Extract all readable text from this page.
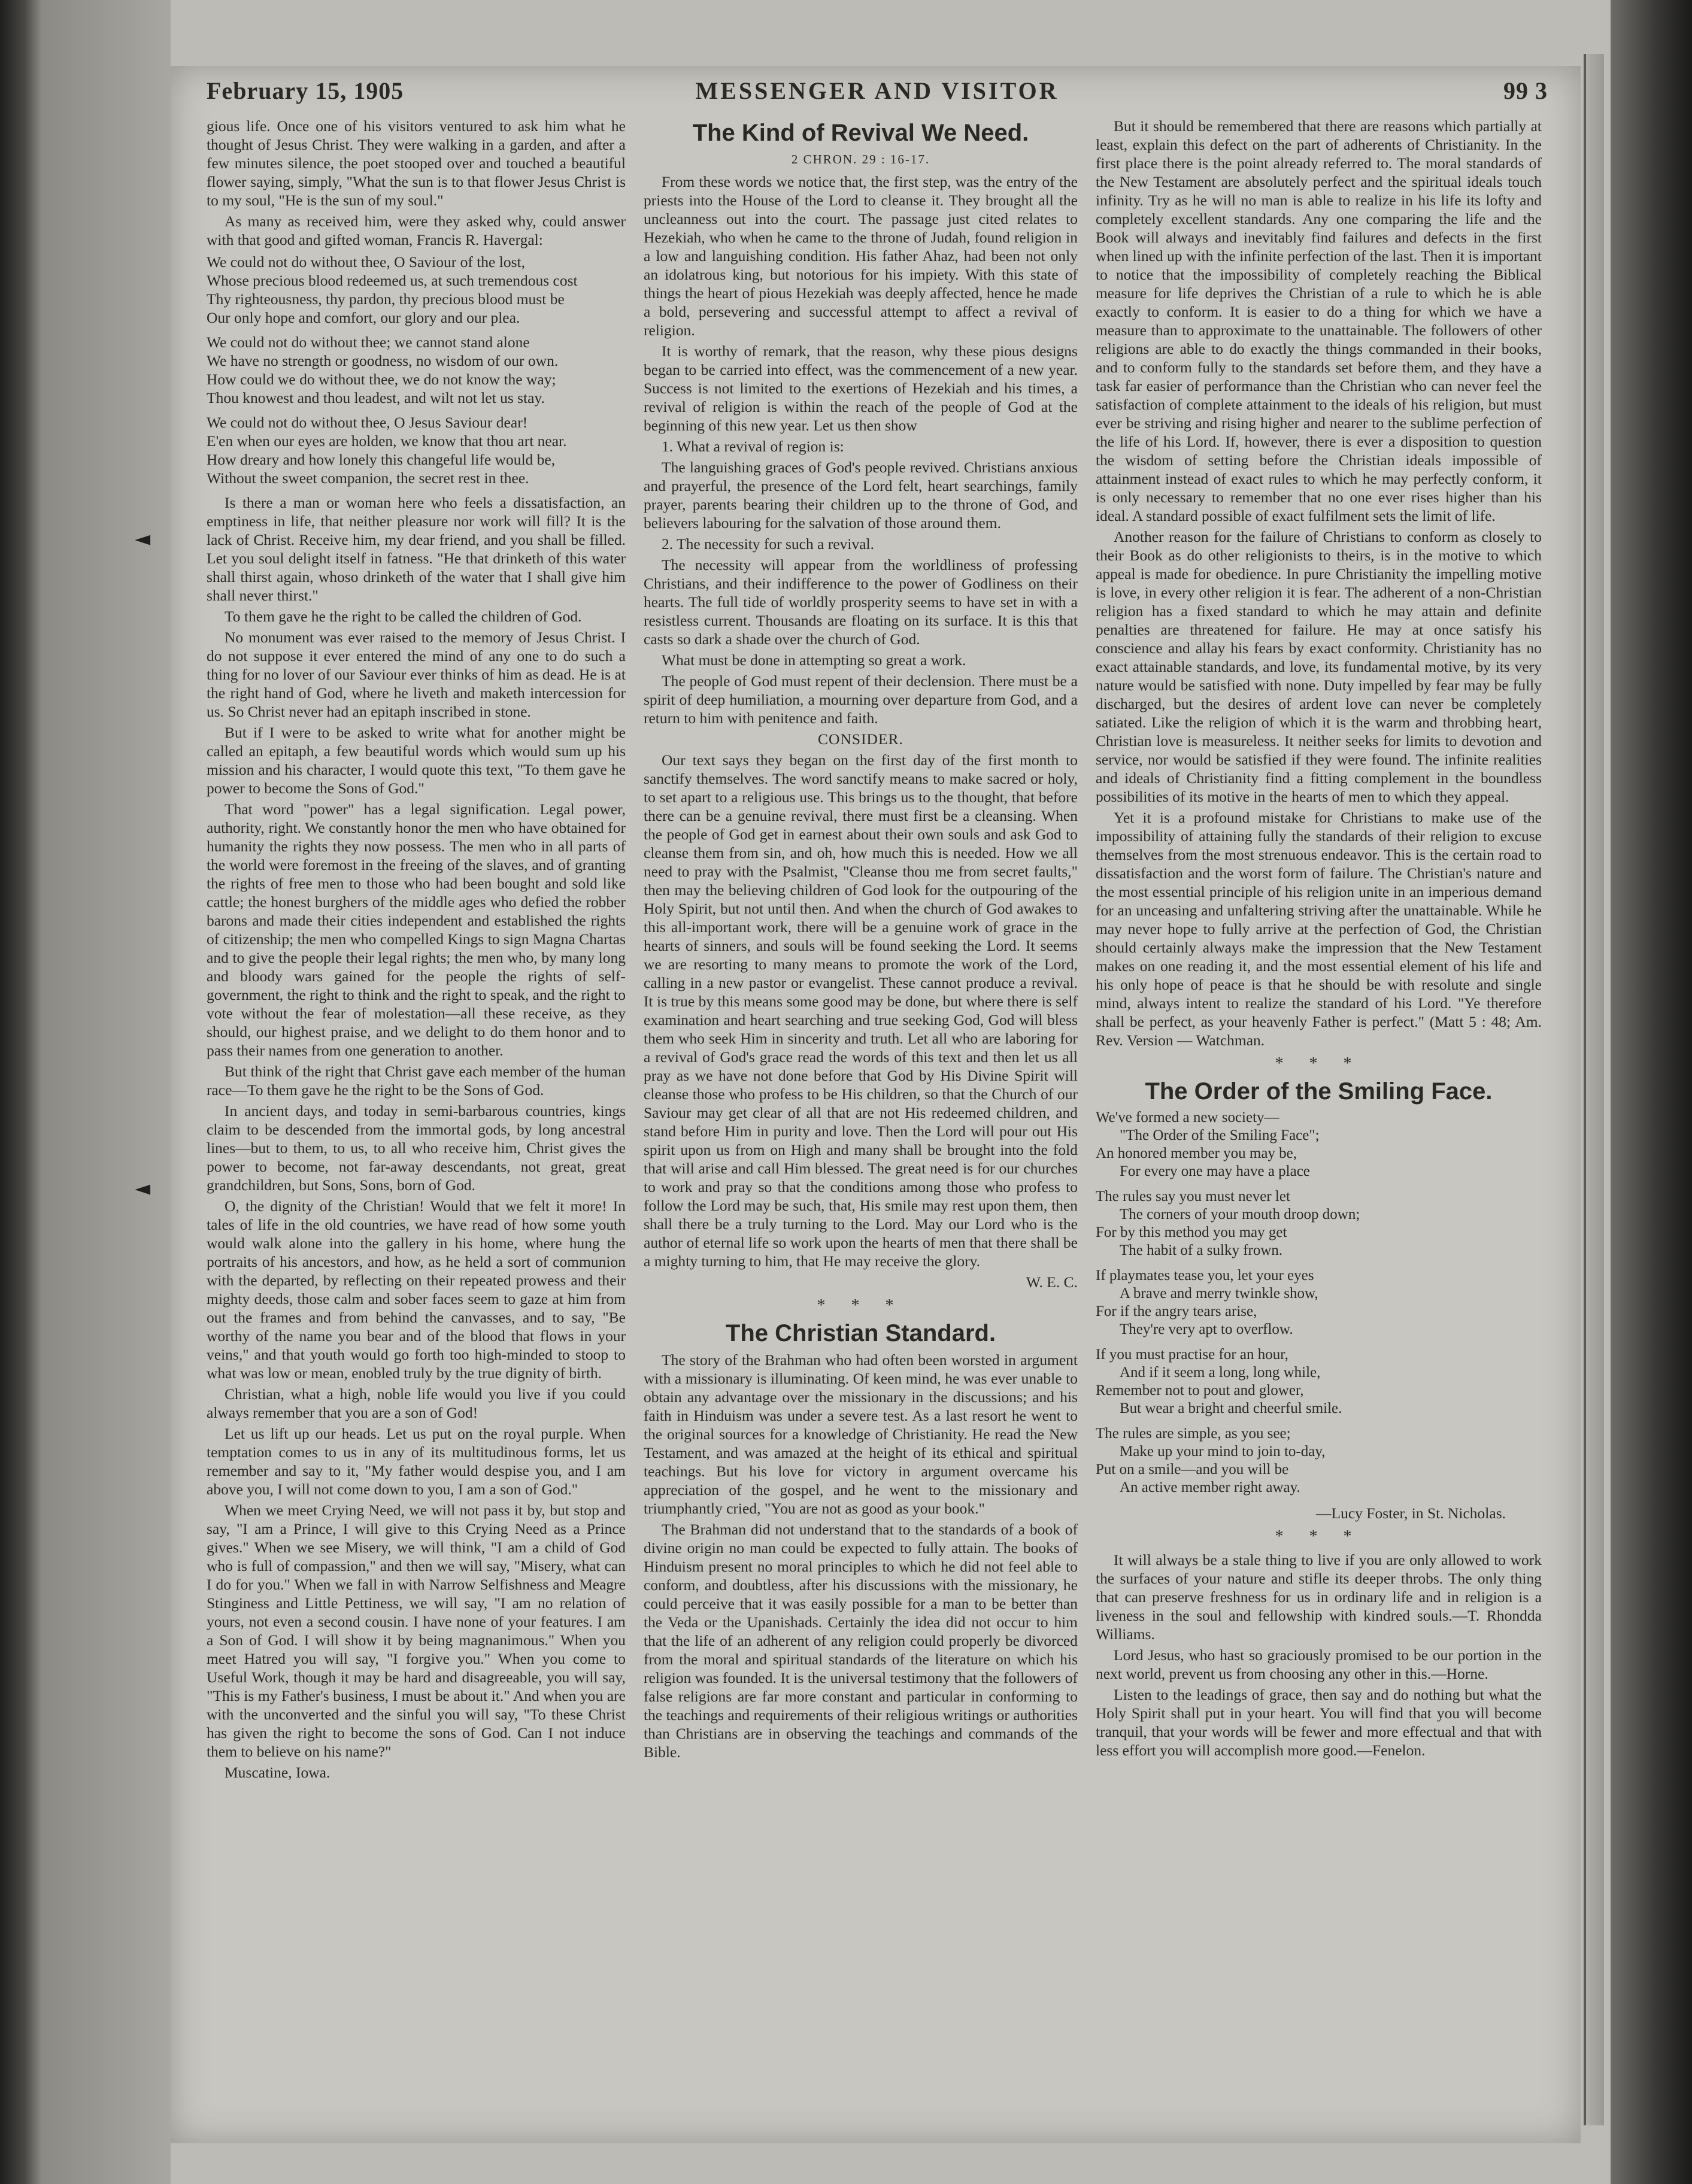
◄
◄
February 15, 1905	MESSENGER AND VISITOR	99 3

gious life. Once one of his visitors ventured to ask him what he thought of Jesus Christ. They were walking in a garden, and after a few minutes silence, the poet stooped over and touched a beautiful flower saying, simply, "What the sun is to that flower Jesus Christ is to my soul, "He is the sun of my soul."

As many as received him, were they asked why, could answer with that good and gifted woman, Francis R. Havergal:

We could not do without thee, O Saviour of the lost,
Whose precious blood redeemed us, at such tremendous cost
Thy righteousness, thy pardon, thy precious blood must be
Our only hope and comfort, our glory and our plea.
We could not do without thee; we cannot stand alone
We have no strength or goodness, no wisdom of our own.
How could we do without thee, we do not know the way;
Thou knowest and thou leadest, and wilt not let us stay.
We could not do without thee, O Jesus Saviour dear!
E'en when our eyes are holden, we know that thou art near.
How dreary and how lonely this changeful life would be,
Without the sweet companion, the secret rest in thee.

Is there a man or woman here who feels a dissatisfaction, an emptiness in life, that neither pleasure nor work will fill? It is the lack of Christ. Receive him, my dear friend, and you shall be filled. Let you soul delight itself in fatness. "He that drinketh of this water shall thirst again, whoso drinketh of the water that I shall give him shall never thirst."

To them gave he the right to be called the children of God.

No monument was ever raised to the memory of Jesus Christ. I do not suppose it ever entered the mind of any one to do such a thing for no lover of our Saviour ever thinks of him as dead. He is at the right hand of God, where he liveth and maketh intercession for us. So Christ never had an epitaph inscribed in stone.

But if I were to be asked to write what for another might be called an epitaph, a few beautiful words which would sum up his mission and his character, I would quote this text, "To them gave he power to become the Sons of God."

That word "power" has a legal signification. Legal power, authority, right. We constantly honor the men who have obtained for humanity the rights they now possess. The men who in all parts of the world were foremost in the freeing of the slaves, and of granting the rights of free men to those who had been bought and sold like cattle; the honest burghers of the middle ages who defied the robber barons and made their cities independent and established the rights of citizenship; the men who compelled Kings to sign Magna Chartas and to give the people their legal rights; the men who, by many long and bloody wars gained for the people the rights of self-government, the right to think and the right to speak, and the right to vote without the fear of molestation—all these receive, as they should, our highest praise, and we delight to do them honor and to pass their names from one generation to another.

But think of the right that Christ gave each member of the human race—To them gave he the right to be the Sons of God.

In ancient days, and today in semi-barbarous countries, kings claim to be descended from the immortal gods, by long ancestral lines—but to them, to us, to all who receive him, Christ gives the power to become, not far-away descendants, not great, great grandchildren, but Sons, Sons, born of God.

O, the dignity of the Christian! Would that we felt it more! In tales of life in the old countries, we have read of how some youth would walk alone into the gallery in his home, where hung the portraits of his ancestors, and how, as he held a sort of communion with the departed, by reflecting on their repeated prowess and their mighty deeds, those calm and sober faces seem to gaze at him from out the frames and from behind the canvasses, and to say, "Be worthy of the name you bear and of the blood that flows in your veins," and that youth would go forth too high-minded to stoop to what was low or mean, enobled truly by the true dignity of birth.

Christian, what a high, noble life would you live if you could always remember that you are a son of God!

Let us lift up our heads. Let us put on the royal purple. When temptation comes to us in any of its multitudinous forms, let us remember and say to it, "My father would despise you, and I am above you, I will not come down to you, I am a son of God."

When we meet Crying Need, we will not pass it by, but stop and say, "I am a Prince, I will give to this Crying Need as a Prince gives." When we see Misery, we will think, "I am a child of God who is full of compassion," and then we will say, "Misery, what can I do for you." When we fall in with Narrow Selfishness and Meagre Stinginess and Little Pettiness, we will say, "I am no relation of yours, not even a second cousin. I have none of your features. I am a Son of God. I will show it by being magnanimous." When you meet Hatred you will say, "I forgive you." When you come to Useful Work, though it may be hard and disagreeable, you will say, "This is my Father's business, I must be about it." And when you are with the unconverted and the sinful you will say, "To these Christ has given the right to become the sons of God. Can I not induce them to believe on his name?"

Muscatine, Iowa.

The Kind of Revival We Need.
2 CHRON. 29 : 16-17.

From these words we notice that, the first step, was the entry of the priests into the House of the Lord to cleanse it. They brought all the uncleanness out into the court. The passage just cited relates to Hezekiah, who when he came to the throne of Judah, found religion in a low and languishing condition. His father Ahaz, had been not only an idolatrous king, but notorious for his impiety. With this state of things the heart of pious Hezekiah was deeply affected, hence he made a bold, persevering and successful attempt to affect a revival of religion.

It is worthy of remark, that the reason, why these pious designs began to be carried into effect, was the commencement of a new year. Success is not limited to the exertions of Hezekiah and his times, a revival of religion is within the reach of the people of God at the beginning of this new year. Let us then show

1. What a revival of region is:

The languishing graces of God's people revived. Christians anxious and prayerful, the presence of the Lord felt, heart searchings, family prayer, parents bearing their children up to the throne of God, and believers labouring for the salvation of those around them.

2. The necessity for such a revival.

The necessity will appear from the worldliness of professing Christians, and their indifference to the power of Godliness on their hearts. The full tide of worldly prosperity seems to have set in with a resistless current. Thousands are floating on its surface. It is this that casts so dark a shade over the church of God.

What must be done in attempting so great a work.

The people of God must repent of their declension. There must be a spirit of deep humiliation, a mourning over departure from God, and a return to him with penitence and faith.

CONSIDER.

Our text says they began on the first day of the first month to sanctify themselves. The word sanctify means to make sacred or holy, to set apart to a religious use. This brings us to the thought, that before there can be a genuine revival, there must first be a cleansing. When the people of God get in earnest about their own souls and ask God to cleanse them from sin, and oh, how much this is needed. How we all need to pray with the Psalmist, "Cleanse thou me from secret faults," then may the believing children of God look for the outpouring of the Holy Spirit, but not until then. And when the church of God awakes to this all-important work, there will be a genuine work of grace in the hearts of sinners, and souls will be found seeking the Lord. It seems we are resorting to many means to promote the work of the Lord, calling in a new pastor or evangelist. These cannot produce a revival. It is true by this means some good may be done, but where there is self examination and heart searching and true seeking God, God will bless them who seek Him in sincerity and truth. Let all who are laboring for a revival of God's grace read the words of this text and then let us all pray as we have not done before that God by His Divine Spirit will cleanse those who profess to be His children, so that the Church of our Saviour may get clear of all that are not His redeemed children, and stand before Him in purity and love. Then the Lord will pour out His spirit upon us from on High and many shall be brought into the fold that will arise and call Him blessed. The great need is for our churches to work and pray so that the conditions among those who profess to follow the Lord may be such, that, His smile may rest upon them, then shall there be a truly turning to the Lord. May our Lord who is the author of eternal life so work upon the hearts of men that there shall be a mighty turning to him, that He may receive the glory.

W. E. C.
* * *
The Christian Standard.

The story of the Brahman who had often been worsted in argument with a missionary is illuminating. Of keen mind, he was ever unable to obtain any advantage over the missionary in the discussions; and his faith in Hinduism was under a severe test. As a last resort he went to the original sources for a knowledge of Christianity. He read the New Testament, and was amazed at the height of its ethical and spiritual teachings. But his love for victory in argument overcame his appreciation of the gospel, and he went to the missionary and triumphantly cried, "You are not as good as your book."

The Brahman did not understand that to the standards of a book of divine origin no man could be expected to fully attain. The books of Hinduism present no moral principles to which he did not feel able to conform, and doubtless, after his discussions with the missionary, he could perceive that it was easily possible for a man to be better than the Veda or the Upanishads. Certainly the idea did not occur to him that the life of an adherent of any religion could properly be divorced from the moral and spiritual standards of the literature on which his religion was founded. It is the universal testimony that the followers of false religions are far more constant and particular in conforming to the teachings and requirements of their religious writings or authorities than Christians are in observing the teachings and commands of the Bible.

But it should be remembered that there are reasons which partially at least, explain this defect on the part of adherents of Christianity. In the first place there is the point already referred to. The moral standards of the New Testament are absolutely perfect and the spiritual ideals touch infinity. Try as he will no man is able to realize in his life its lofty and completely excellent standards. Any one comparing the life and the Book will always and inevitably find failures and defects in the first when lined up with the infinite perfection of the last. Then it is important to notice that the impossibility of completely reaching the Biblical measure for life deprives the Christian of a rule to which he is able exactly to conform. It is easier to do a thing for which we have a measure than to approximate to the unattainable. The followers of other religions are able to do exactly the things commanded in their books, and to conform fully to the standards set before them, and they have a task far easier of performance than the Christian who can never feel the satisfaction of complete attainment to the ideals of his religion, but must ever be striving and rising higher and nearer to the sublime perfection of the life of his Lord. If, however, there is ever a disposition to question the wisdom of setting before the Christian ideals impossible of attainment instead of exact rules to which he may perfectly conform, it is only necessary to remember that no one ever rises higher than his ideal. A standard possible of exact fulfilment sets the limit of life.

Another reason for the failure of Christians to conform as closely to their Book as do other religionists to theirs, is in the motive to which appeal is made for obedience. In pure Christianity the impelling motive is love, in every other religion it is fear. The adherent of a non-Christian religion has a fixed standard to which he may attain and definite penalties are threatened for failure. He may at once satisfy his conscience and allay his fears by exact conformity. Christianity has no exact attainable standards, and love, its fundamental motive, by its very nature would be satisfied with none. Duty impelled by fear may be fully discharged, but the desires of ardent love can never be completely satiated. Like the religion of which it is the warm and throbbing heart, Christian love is measureless. It neither seeks for limits to devotion and service, nor would be satisfied if they were found. The infinite realities and ideals of Christianity find a fitting complement in the boundless possibilities of its motive in the hearts of men to which they appeal.

Yet it is a profound mistake for Christians to make use of the impossibility of attaining fully the standards of their religion to excuse themselves from the most strenuous endeavor. This is the certain road to dissatisfaction and the worst form of failure. The Christian's nature and the most essential principle of his religion unite in an imperious demand for an unceasing and unfaltering striving after the unattainable. While he may never hope to fully arrive at the perfection of God, the Christian should certainly always make the impression that the New Testament makes on one reading it, and the most essential element of his life and his only hope of peace is that he should be with resolute and single mind, always intent to realize the standard of his Lord. "Ye therefore shall be perfect, as your heavenly Father is perfect." (Matt 5 : 48; Am. Rev. Version — Watchman.

* * *
The Order of the Smiling Face.
We've formed a new society—
"The Order of the Smiling Face";
An honored member you may be,
For every one may have a place
The rules say you must never let
The corners of your mouth droop down;
For by this method you may get
The habit of a sulky frown.
If playmates tease you, let your eyes
A brave and merry twinkle show,
For if the angry tears arise,
They're very apt to overflow.
If you must practise for an hour,
And if it seem a long, long while,
Remember not to pout and glower,
But wear a bright and cheerful smile.
The rules are simple, as you see;
Make up your mind to join to-day,
Put on a smile—and you will be
An active member right away.
—Lucy Foster, in St. Nicholas.
* * *

It will always be a stale thing to live if you are only allowed to work the surfaces of your nature and stifle its deeper throbs. The only thing that can preserve freshness for us in ordinary life and in religion is a liveness in the soul and fellowship with kindred souls.—T. Rhondda Williams.

Lord Jesus, who hast so graciously promised to be our portion in the next world, prevent us from choosing any other in this.—Horne.

Listen to the leadings of grace, then say and do nothing but what the Holy Spirit shall put in your heart. You will find that you will become tranquil, that your words will be fewer and more effectual and that with less effort you will accomplish more good.—Fenelon.
